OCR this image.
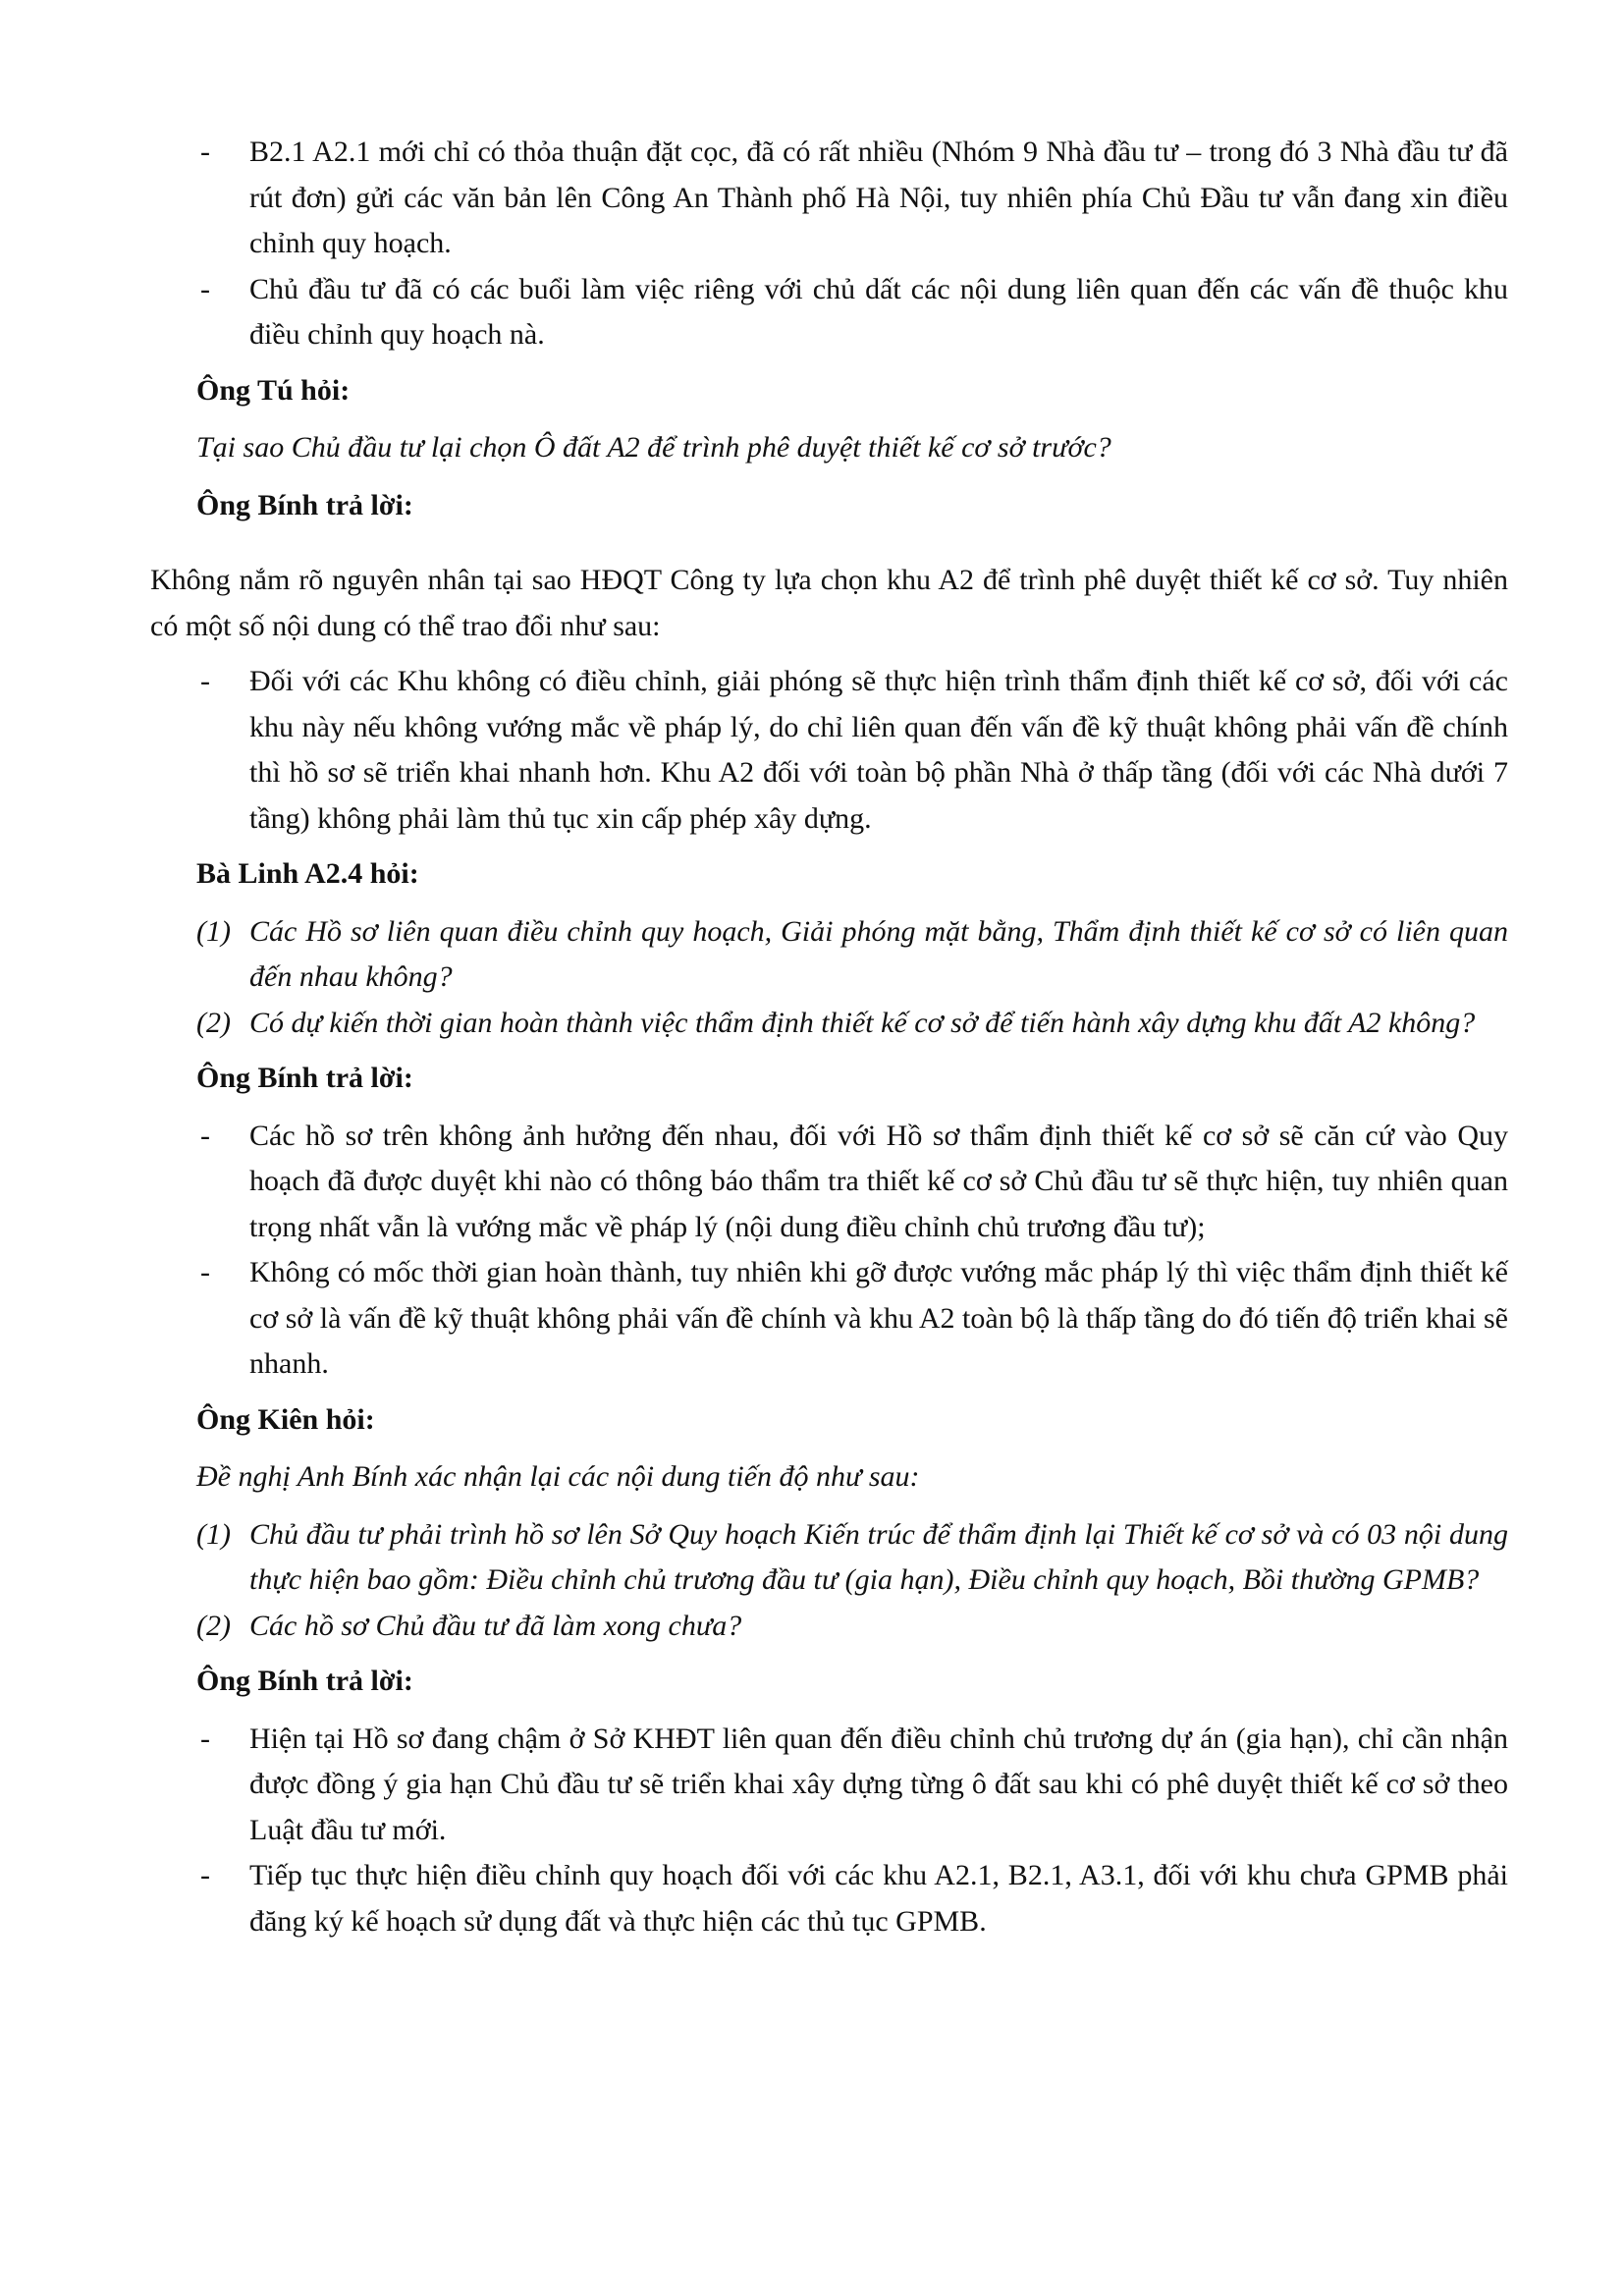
- B2.1 A2.1 mới chỉ có thỏa thuận đặt cọc, đã có rất nhiều (Nhóm 9 Nhà đầu tư – trong đó 3 Nhà đầu tư đã rút đơn) gửi các văn bản lên Công An Thành phố Hà Nội, tuy nhiên phía Chủ Đầu tư vẫn đang xin điều chỉnh quy hoạch.
- Chủ đầu tư đã có các buổi làm việc riêng với chủ dất các nội dung liên quan đến các vấn đề thuộc khu điều chỉnh quy hoạch nà.

Ông Tú hỏi:

Tại sao Chủ đầu tư lại chọn Ô đất A2 để trình phê duyệt thiết kế cơ sở trước?

Ông Bính trả lời:

Không nắm rõ nguyên nhân tại sao HĐQT Công ty lựa chọn khu A2 để trình phê duyệt thiết kế cơ sở. Tuy nhiên có một số nội dung có thể trao đổi như sau:

- Đối với các Khu không có điều chỉnh, giải phóng sẽ thực hiện trình thẩm định thiết kế cơ sở, đối với các khu này nếu không vướng mắc về pháp lý, do chỉ liên quan đến vấn đề kỹ thuật không phải vấn đề chính thì hồ sơ sẽ triển khai nhanh hơn. Khu A2 đối với toàn bộ phần Nhà ở thấp tầng (đối với các Nhà dưới 7 tầng) không phải làm thủ tục xin cấp phép xây dựng.

Bà Linh A2.4 hỏi:

(1) Các Hồ sơ liên quan điều chỉnh quy hoạch, Giải phóng mặt bằng, Thẩm định thiết kế cơ sở có liên quan đến nhau không?
(2) Có dự kiến thời gian hoàn thành việc thẩm định thiết kế cơ sở để tiến hành xây dựng khu đất A2 không?

Ông Bính trả lời:

- Các hồ sơ trên không ảnh hưởng đến nhau, đối với Hồ sơ thẩm định thiết kế cơ sở sẽ căn cứ vào Quy hoạch đã được duyệt khi nào có thông báo thẩm tra thiết kế cơ sở Chủ đầu tư sẽ thực hiện, tuy nhiên quan trọng nhất vẫn là vướng mắc về pháp lý (nội dung điều chỉnh chủ trương đầu tư);
- Không có mốc thời gian hoàn thành, tuy nhiên khi gỡ được vướng mắc pháp lý thì việc thẩm định thiết kế cơ sở là vấn đề kỹ thuật không phải vấn đề chính và khu A2 toàn bộ là thấp tầng do đó tiến độ triển khai sẽ nhanh.

Ông Kiên hỏi:

Đề nghị Anh Bính xác nhận lại các nội dung tiến độ như sau:

(1) Chủ đầu tư phải trình hồ sơ lên Sở Quy hoạch Kiến trúc để thẩm định lại Thiết kế cơ sở và có 03 nội dung thực hiện bao gồm: Điều chỉnh chủ trương đầu tư (gia hạn), Điều chỉnh quy hoạch, Bồi thường GPMB?
(2) Các hồ sơ Chủ đầu tư đã làm xong chưa?

Ông Bính trả lời:

- Hiện tại Hồ sơ đang chậm ở Sở KHĐT liên quan đến điều chỉnh chủ trương dự án (gia hạn), chỉ cần nhận được đồng ý gia hạn Chủ đầu tư sẽ triển khai xây dựng từng ô đất sau khi có phê duyệt thiết kế cơ sở theo Luật đầu tư mới.
- Tiếp tục thực hiện điều chỉnh quy hoạch đối với các khu A2.1, B2.1, A3.1, đối với khu chưa GPMB phải đăng ký kế hoạch sử dụng đất và thực hiện các thủ tục GPMB.
